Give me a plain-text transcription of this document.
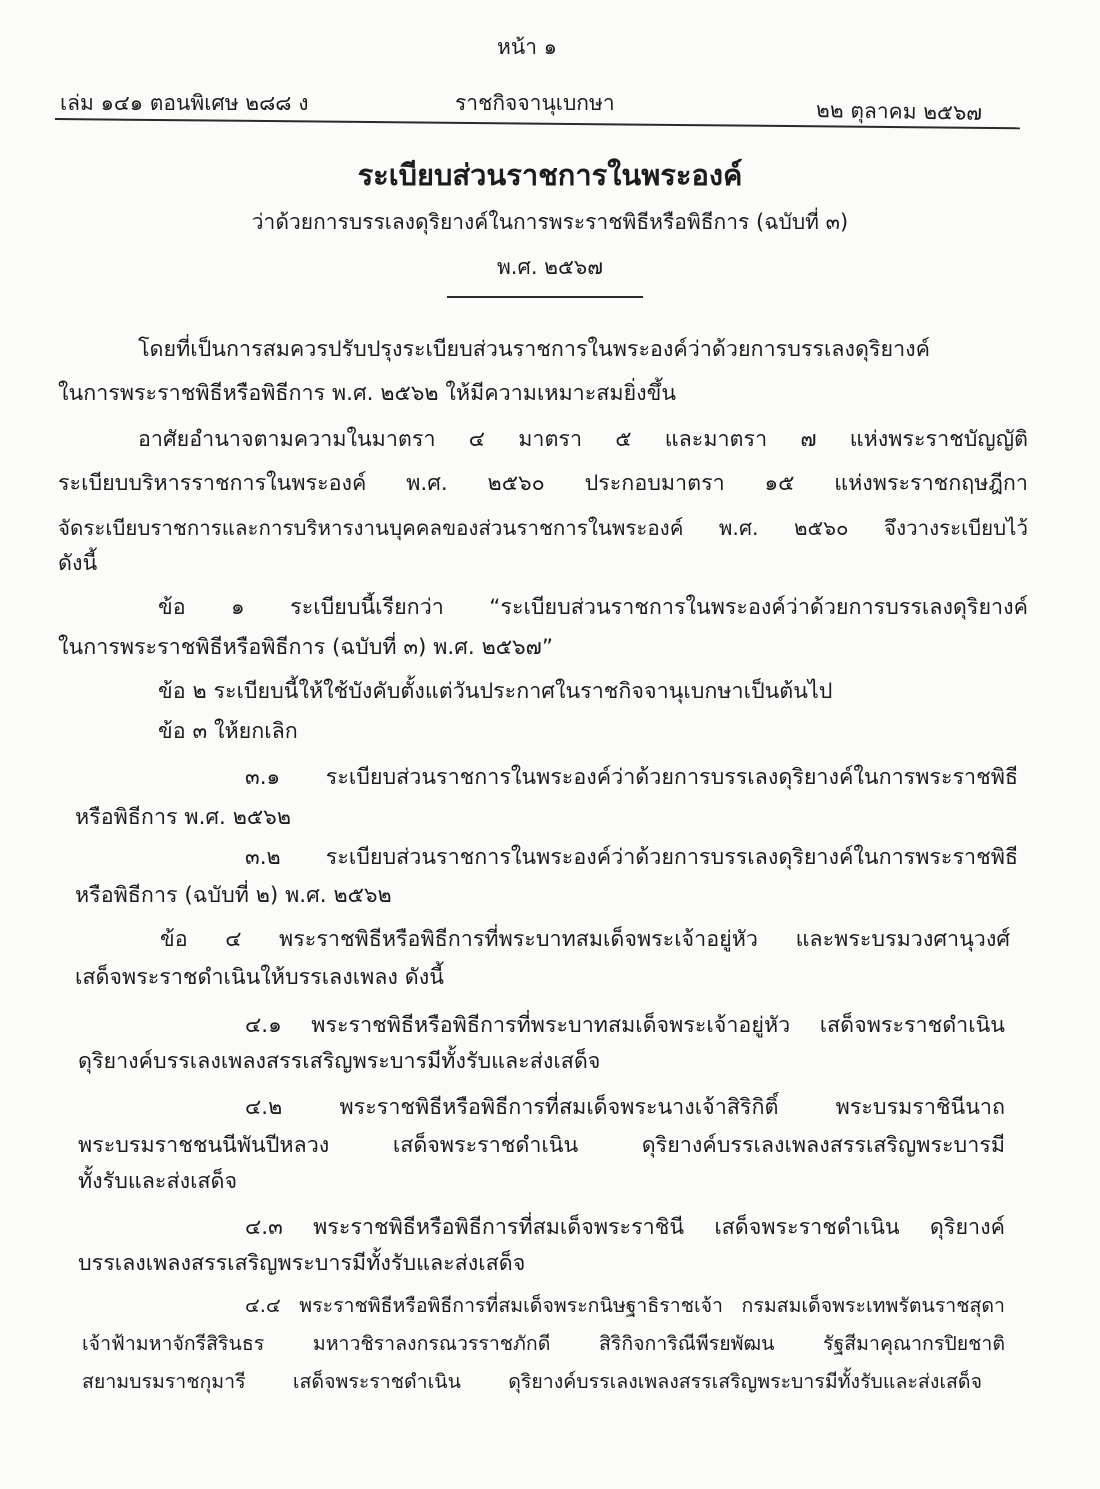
หน้า ๑
เล่ม ๑๔๑ ตอนพิเศษ ๒๘๘ ง	ราชกิจจานุเบกษา	๒๒ ตุลาคม ๒๕๖๗
ระเบียบส่วนราชการในพระองค์
ว่าด้วยการบรรเลงดุริยางค์ในการพระราชพิธีหรือพิธีการ (ฉบับที่ ๓)
พ.ศ. ๒๕๖๗
โดยที่เป็นการสมควรปรับปรุงระเบียบส่วนราชการในพระองค์ว่าด้วยการบรรเลงดุริยางค์
ในการพระราชพิธีหรือพิธีการ พ.ศ. ๒๕๖๒ ให้มีความเหมาะสมยิ่งขึ้น
อาศัยอำนาจตามความในมาตรา ๔ มาตรา ๕ และมาตรา ๗ แห่งพระราชบัญญัติ
ระเบียบบริหารราชการในพระองค์ พ.ศ. ๒๕๖๐ ประกอบมาตรา ๑๕ แห่งพระราชกฤษฎีกา
จัดระเบียบราชการและการบริหารงานบุคคลของส่วนราชการในพระองค์ พ.ศ. ๒๕๖๐ จึงวางระเบียบไว้
ดังนี้
ข้อ ๑ ระเบียบนี้เรียกว่า “ระเบียบส่วนราชการในพระองค์ว่าด้วยการบรรเลงดุริยางค์
ในการพระราชพิธีหรือพิธีการ (ฉบับที่ ๓) พ.ศ. ๒๕๖๗”
ข้อ ๒ ระเบียบนี้ให้ใช้บังคับตั้งแต่วันประกาศในราชกิจจานุเบกษาเป็นต้นไป
ข้อ ๓ ให้ยกเลิก
๓.๑ ระเบียบส่วนราชการในพระองค์ว่าด้วยการบรรเลงดุริยางค์ในการพระราชพิธี
หรือพิธีการ พ.ศ. ๒๕๖๒
๓.๒ ระเบียบส่วนราชการในพระองค์ว่าด้วยการบรรเลงดุริยางค์ในการพระราชพิธี
หรือพิธีการ (ฉบับที่ ๒) พ.ศ. ๒๕๖๒
ข้อ ๔ พระราชพิธีหรือพิธีการที่พระบาทสมเด็จพระเจ้าอยู่หัว และพระบรมวงศานุวงศ์
เสด็จพระราชดำเนินให้บรรเลงเพลง ดังนี้
๔.๑ พระราชพิธีหรือพิธีการที่พระบาทสมเด็จพระเจ้าอยู่หัว เสด็จพระราชดำเนิน
ดุริยางค์บรรเลงเพลงสรรเสริญพระบารมีทั้งรับและส่งเสด็จ
๔.๒ พระราชพิธีหรือพิธีการที่สมเด็จพระนางเจ้าสิริกิติ์ พระบรมราชินีนาถ
พระบรมราชชนนีพันปีหลวง เสด็จพระราชดำเนิน ดุริยางค์บรรเลงเพลงสรรเสริญพระบารมี
ทั้งรับและส่งเสด็จ
๔.๓ พระราชพิธีหรือพิธีการที่สมเด็จพระราชินี เสด็จพระราชดำเนิน ดุริยางค์
บรรเลงเพลงสรรเสริญพระบารมีทั้งรับและส่งเสด็จ
๔.๔ พระราชพิธีหรือพิธีการที่สมเด็จพระกนิษฐาธิราชเจ้า กรมสมเด็จพระเทพรัตนราชสุดา
เจ้าฟ้ามหาจักรีสิรินธร มหาวชิราลงกรณวรราชภักดี สิริกิจการิณีพีรยพัฒน รัฐสีมาคุณากรปิยชาติ
สยามบรมราชกุมารี เสด็จพระราชดำเนิน ดุริยางค์บรรเลงเพลงสรรเสริญพระบารมีทั้งรับและส่งเสด็จ
